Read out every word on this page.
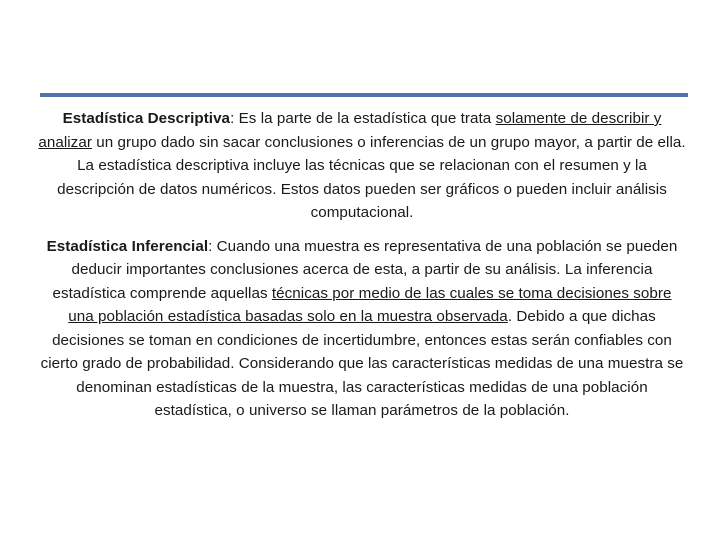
Estadística Descriptiva: Es la parte de la estadística que trata solamente de describir y analizar un grupo dado sin sacar conclusiones o inferencias de un grupo mayor, a partir de ella. La estadística descriptiva incluye las técnicas que se relacionan con el resumen y la descripción de datos numéricos. Estos datos pueden ser gráficos o pueden incluir análisis computacional.

Estadística Inferencial: Cuando una muestra es representativa de una población se pueden deducir importantes conclusiones acerca de esta, a partir de su análisis. La inferencia estadística comprende aquellas técnicas por medio de las cuales se toma decisiones sobre una población estadística basadas solo en la muestra observada. Debido a que dichas decisiones se toman en condiciones de incertidumbre, entonces estas serán confiables con cierto grado de probabilidad. Considerando que las características medidas de una muestra se denominan estadísticas de la muestra, las características medidas de una población estadística, o universo se llaman parámetros de la población.
